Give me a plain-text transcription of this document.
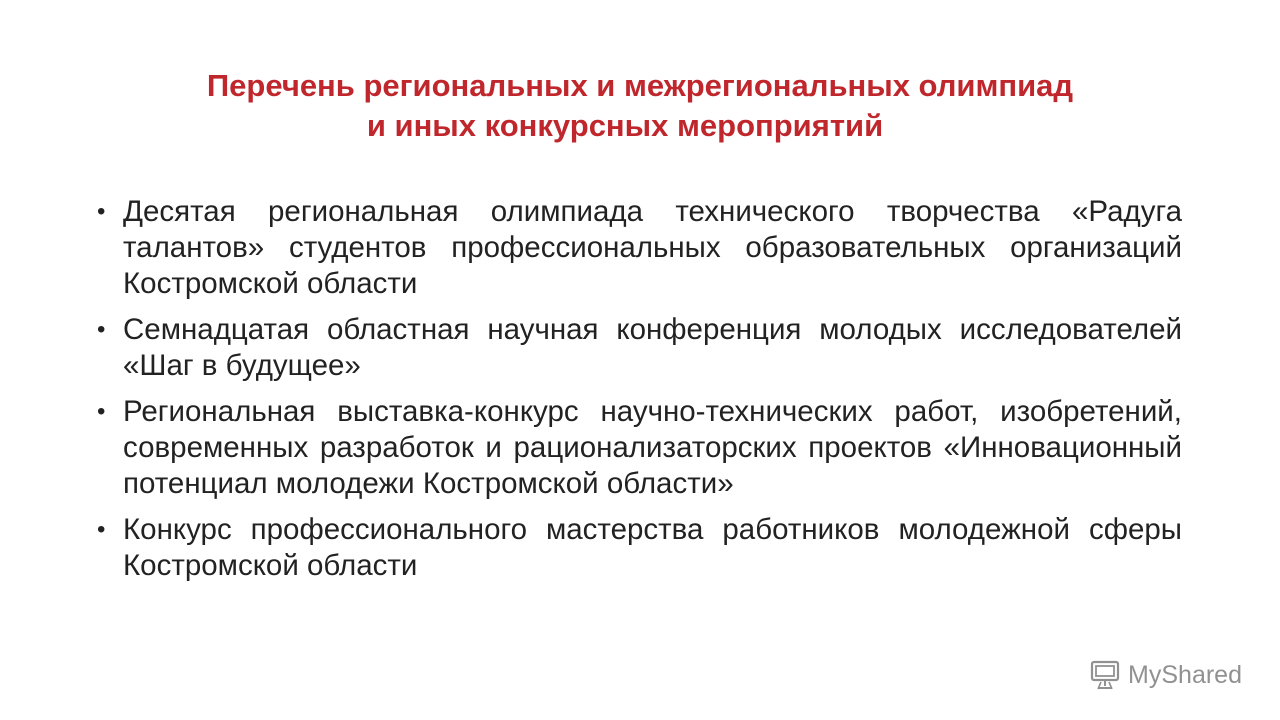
Перечень региональных и межрегиональных олимпиад
и иных конкурсных мероприятий
• Десятая региональная олимпиада технического творчества «Радуга талантов» студентов профессиональных образовательных организаций Костромской области
• Семнадцатая областная научная конференция молодых исследователей «Шаг в будущее»
• Региональная выставка-конкурс научно-технических работ, изобретений, современных разработок и рационализаторских проектов «Инновационный потенциал молодежи Костромской области»
• Конкурс профессионального мастерства работников молодежной сферы Костромской области
MyShared
